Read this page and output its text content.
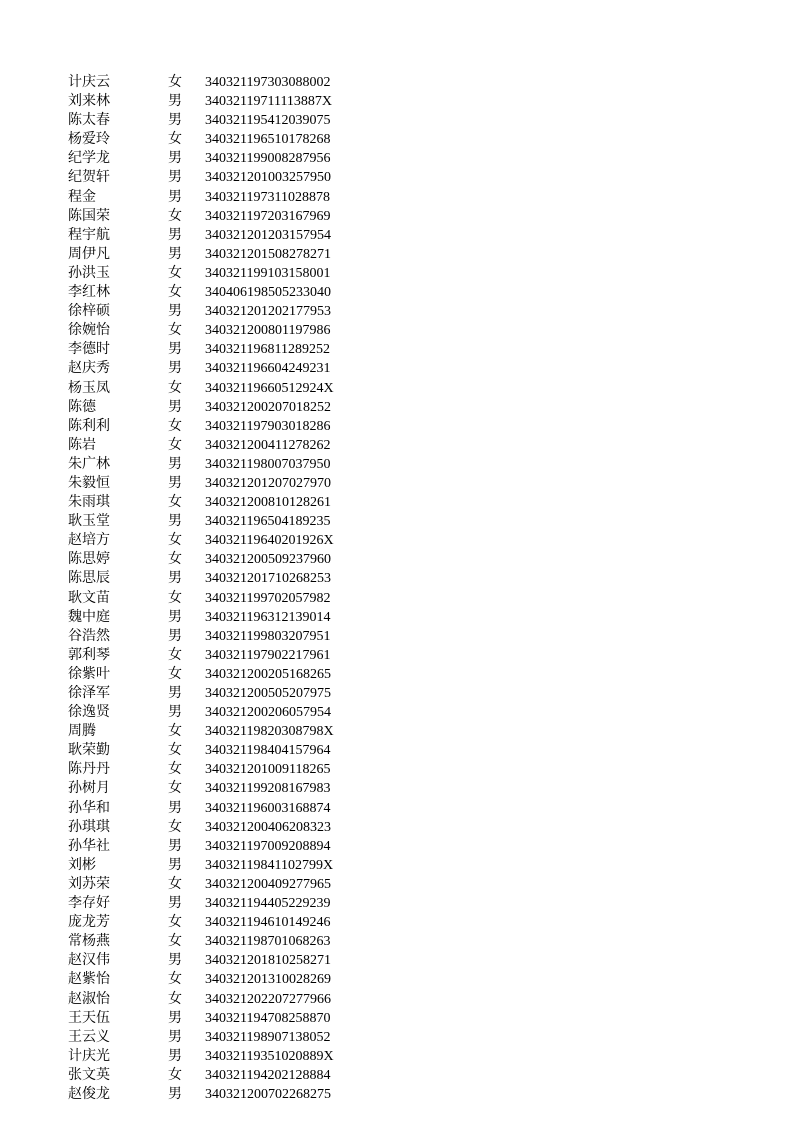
计庆云	女 340321197303088002
刘来林	男 34032119711113887X
陈太春	男 340321195412039075
杨爱玲	女 340321196510178268
纪学龙	男 340321199008287956
纪贺轩	男 340321201003257950
程金	男 340321197311028878
陈国荣	女 340321197203167969
程宇航	男 340321201203157954
周伊凡	男 340321201508278271
孙洪玉	女 340321199103158001
李红林	女 340406198505233040
徐梓硕	男 340321201202177953
徐婉怡	女 340321200801197986
李德时	男 340321196811289252
赵庆秀	男 340321196604249231
杨玉凤	女 34032119660512924X
陈德	男 340321200207018252
陈利利	女 340321197903018286
陈岩	女 340321200411278262
朱广林	男 340321198007037950
朱毅恒	男 340321201207027970
朱雨琪	女 340321200810128261
耿玉堂	男 340321196504189235
赵培方	女 34032119640201926X
陈思婷	女 340321200509237960
陈思辰	男 340321201710268253
耿文苗	女 340321199702057982
魏中庭	男 340321196312139014
谷浩然	男 340321199803207951
郭利琴	女 340321197902217961
徐紫叶	女 340321200205168265
徐泽军	男 340321200505207975
徐逸贤	男 340321200206057954
周腾	女 34032119820308798X
耿荣勤	女 340321198404157964
陈丹丹	女 340321201009118265
孙树月	女 340321199208167983
孙华和	男 340321196003168874
孙琪琪	女 340321200406208323
孙华社	男 340321197009208894
刘彬	男 34032119841102799X
刘苏荣	女 340321200409277965
李存好	男 340321194405229239
庞龙芳	女 340321194610149246
常杨燕	女 340321198701068263
赵汉伟	男 340321201810258271
赵紫怡	女 340321201310028269
赵淑怡	女 340321202207277966
王天伍	男 340321194708258870
王云义	男 340321198907138052
计庆光	男 34032119351020889X
张文英	女 340321194202128884
赵俊龙	男 340321200702268275
